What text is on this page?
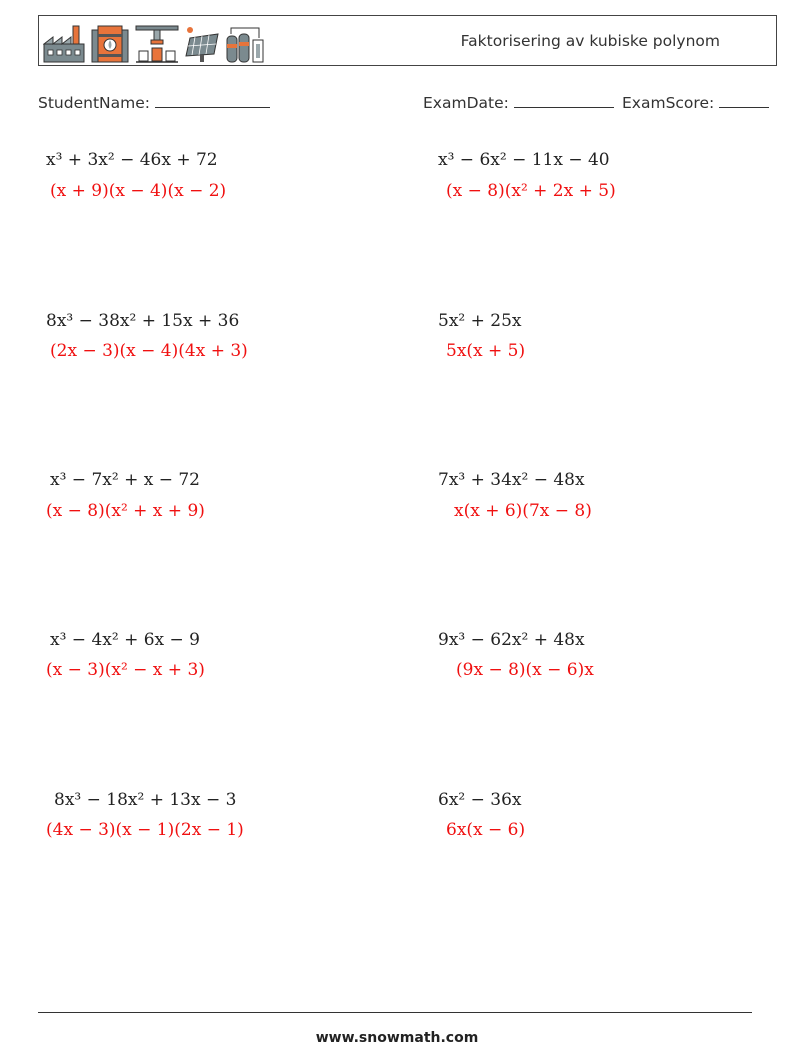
Faktorisering av kubiske polynom
StudentName:	ExamDate:	ExamScore:
x³ + 3x² − 46x + 72
(x + 9)(x − 4)(x − 2)
8x³ − 38x² + 15x + 36
(2x − 3)(x − 4)(4x + 3)
x³ − 7x² + x − 72
(x − 8)(x² + x + 9)
x³ − 4x² + 6x − 9
(x − 3)(x² − x + 3)
8x³ − 18x² + 13x − 3
(4x − 3)(x − 1)(2x − 1)
x³ − 6x² − 11x − 40
(x − 8)(x² + 2x + 5)
5x² + 25x
5x(x + 5)
7x³ + 34x² − 48x
x(x + 6)(7x − 8)
9x³ − 62x² + 48x
(9x − 8)(x − 6)x
6x² − 36x
6x(x − 6)
www.snowmath.com
